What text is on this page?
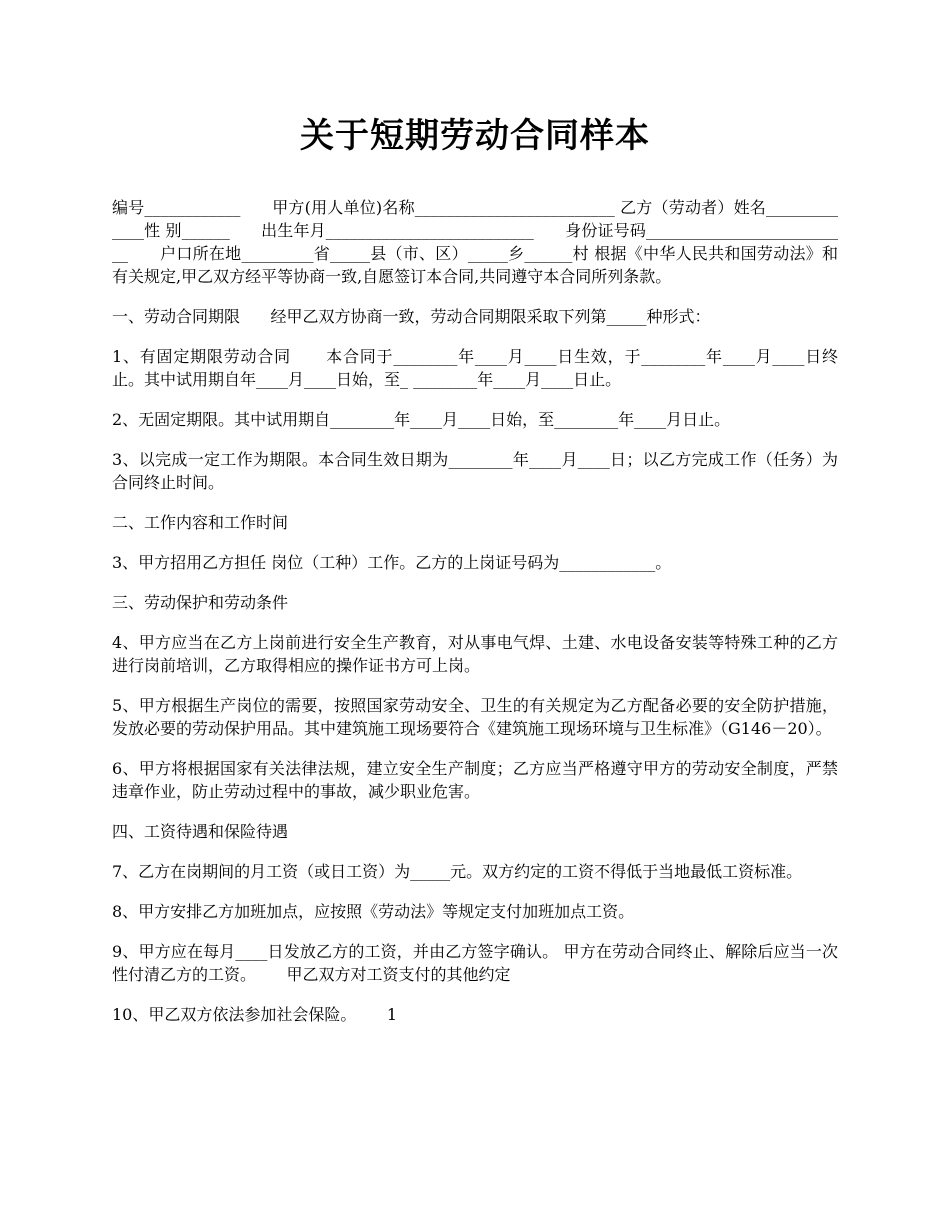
关于短期劳动合同样本

编号____________      甲方(用人单位)名称_________________________ 乙方（劳动者）姓名_____________性 别______      出生年月__________________________      身份证号码__________________________      户口所在地_________省_____县（市、区）_____乡______村 根据《中华人民共和国劳动法》和有关规定,甲乙双方经平等协商一致,自愿签订本合同,共同遵守本合同所列条款。

一、劳动合同期限      经甲乙双方协商一致，劳动合同期限采取下列第_____种形式：

1、有固定期限劳动合同      本合同于________年____月____日生效，于________年____月____日终止。其中试用期自年____月____日始，至_ ________年____月____日止。

2、无固定期限。其中试用期自________年____月____日始，至________年____月日止。

3、以完成一定工作为期限。本合同生效日期为________年____月____日；以乙方完成工作（任务）为合同终止时间。

二、工作内容和工作时间

3、甲方招用乙方担任 岗位（工种）工作。乙方的上岗证号码为____________。

三、劳动保护和劳动条件

4、甲方应当在乙方上岗前进行安全生产教育，对从事电气焊、土建、水电设备安装等特殊工种的乙方进行岗前培训，乙方取得相应的操作证书方可上岗。

5、甲方根据生产岗位的需要，按照国家劳动安全、卫生的有关规定为乙方配备必要的安全防护措施，发放必要的劳动保护用品。其中建筑施工现场要符合《建筑施工现场环境与卫生标准》（G146－20）。

6、甲方将根据国家有关法律法规，建立安全生产制度；乙方应当严格遵守甲方的劳动安全制度，严禁违章作业，防止劳动过程中的事故，减少职业危害。

四、工资待遇和保险待遇

7、乙方在岗期间的月工资（或日工资）为_____元。双方约定的工资不得低于当地最低工资标准。

8、甲方安排乙方加班加点，应按照《劳动法》等规定支付加班加点工资。

9、甲方应在每月____日发放乙方的工资，并由乙方签字确认。 甲方在劳动合同终止、解除后应当一次性付清乙方的工资。      甲乙双方对工资支付的其他约定

10、甲乙双方依法参加社会保险。      1
